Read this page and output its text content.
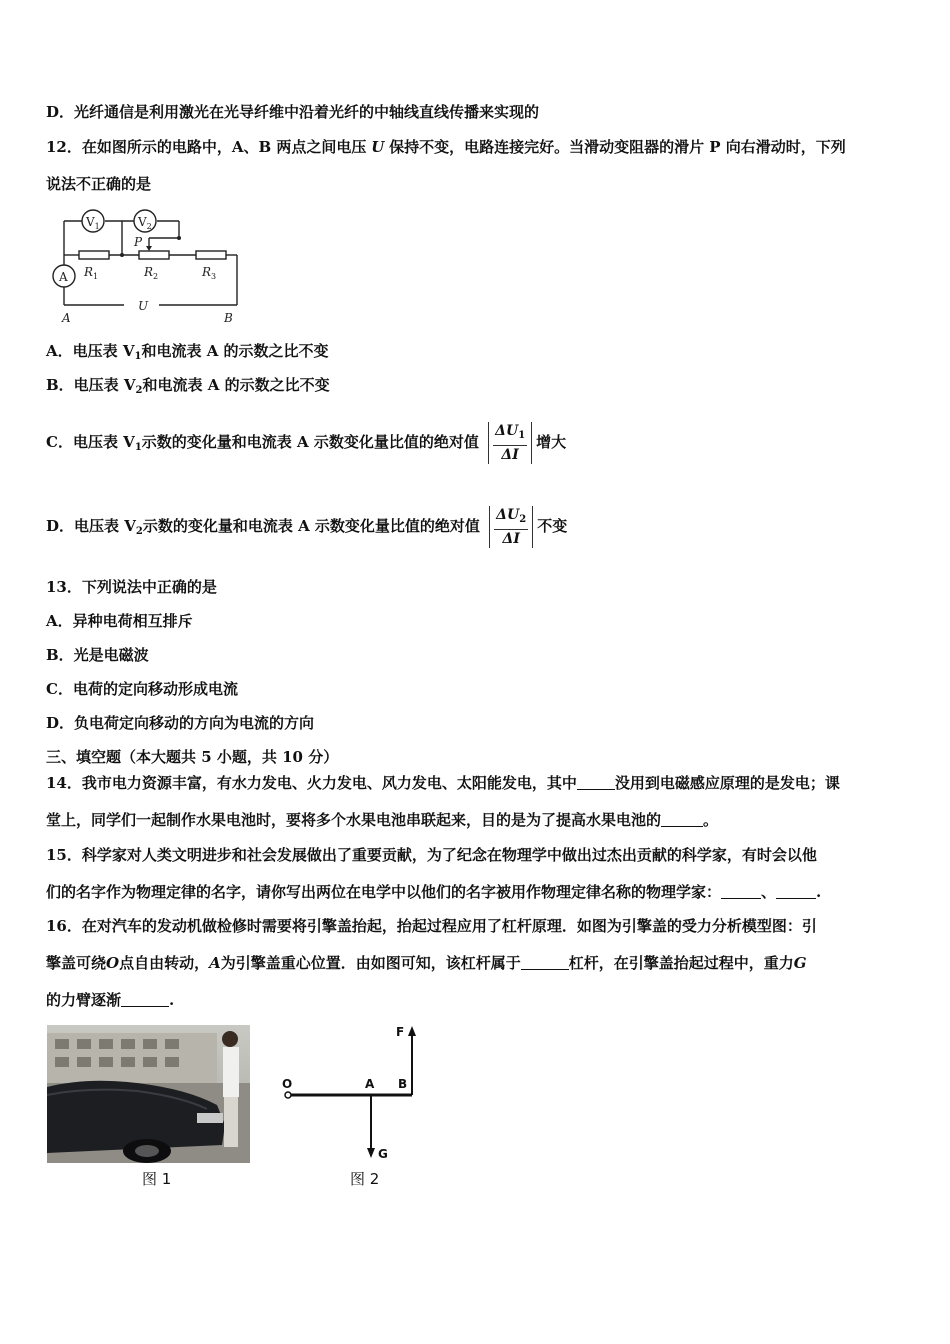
D．光纤通信是利用激光在光导纤维中沿着光纤的中轴线直线传播来实现的
12．在如图所示的电路中，A、B 两点之间电压 U 保持不变，电路连接完好。当滑动变阻器的滑片 P 向右滑动时，下列
说法不正确的是
$V_1$	$V_2$
A
P
$R_1$	$R_2$	$R_3$
U
A	B
A．电压表 $V_1$和电流表 A 的示数之比不变
B．电压表 $V_2$和电流表 A 的示数之比不变
C．电压表 $V_1$示数的变化量和电流表 A 示数变化量比值的绝对值 $\frac{\Delta U_1}{\Delta I}$ 增大
D．电压表 $V_2$示数的变化量和电流表 A 示数变化量比值的绝对值 $\frac{\Delta U_2}{\Delta I}$ 不变
13．下列说法中正确的是
A．异种电荷相互排斥
B．光是电磁波
C．电荷的定向移动形成电流
D．负电荷定向移动的方向为电流的方向
三、填空题（本大题共 5 小题，共 10 分）
14．我市电力资源丰富，有水力发电、火力发电、风力发电、太阳能发电，其中	没用到电磁感应原理的是发电；课
堂上，同学们一起制作水果电池时，要将多个水果电池串联起来，目的是为了提高水果电池的	。
15．科学家对人类文明进步和社会发展做出了重要贡献，为了纪念在物理学中做出过杰出贡献的科学家，有时会以他
们的名字作为物理定律的名字，请你写出两位在电学中以他们的名字被用作物理定律名称的物理学家：	、	.
16．在对汽车的发动机做检修时需要将引擎盖抬起，抬起过程应用了杠杆原理．如图为引擎盖的受力分析模型图：引
擎盖可绕O点自由转动，A为引擎盖重心位置．由如图可知，该杠杆属于	杠杆，在引擎盖抬起过程中，重力G
的力臂逐渐	.
图 1
O	A B
F
G
图 2
